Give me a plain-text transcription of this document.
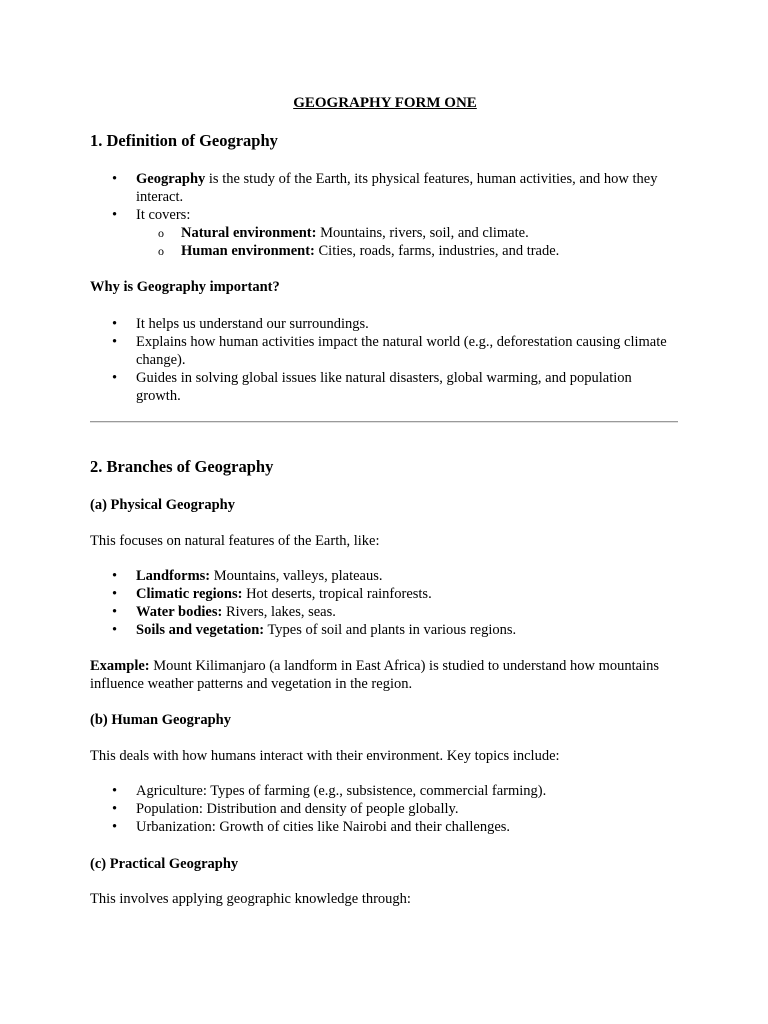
GEOGRAPHY FORM ONE
1. Definition of Geography
• Geography is the study of the Earth, its physical features, human activities, and how they interact.
• It covers:
o Natural environment: Mountains, rivers, soil, and climate.
o Human environment: Cities, roads, farms, industries, and trade.
Why is Geography important?
• It helps us understand our surroundings.
• Explains how human activities impact the natural world (e.g., deforestation causing climate change).
• Guides in solving global issues like natural disasters, global warming, and population growth.
2. Branches of Geography
(a) Physical Geography
This focuses on natural features of the Earth, like:
• Landforms: Mountains, valleys, plateaus.
• Climatic regions: Hot deserts, tropical rainforests.
• Water bodies: Rivers, lakes, seas.
• Soils and vegetation: Types of soil and plants in various regions.
Example: Mount Kilimanjaro (a landform in East Africa) is studied to understand how mountains influence weather patterns and vegetation in the region.
(b) Human Geography
This deals with how humans interact with their environment. Key topics include:
• Agriculture: Types of farming (e.g., subsistence, commercial farming).
• Population: Distribution and density of people globally.
• Urbanization: Growth of cities like Nairobi and their challenges.
(c) Practical Geography
This involves applying geographic knowledge through:
